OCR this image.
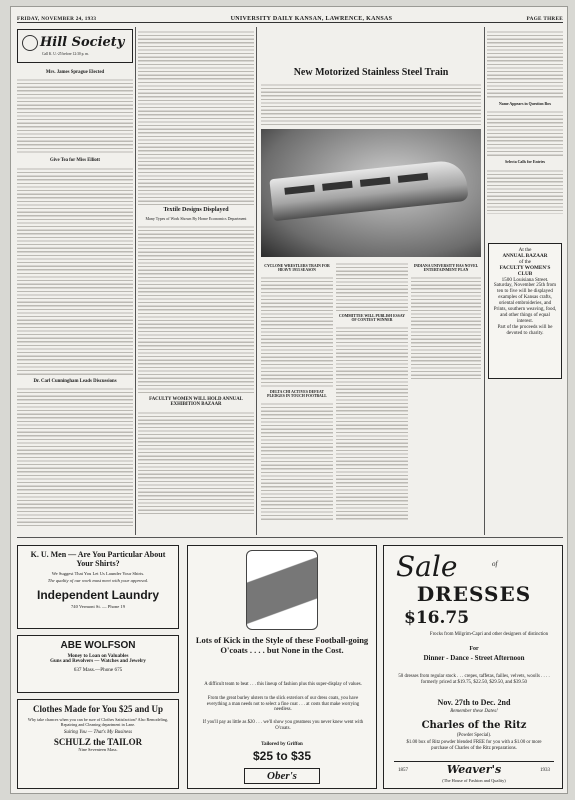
FRIDAY, NOVEMBER 24, 1933	UNIVERSITY DAILY KANSAN, LAWRENCE, KANSAS	PAGE THREE
Hill Society
Call K. U.-25 before 12:30 p. m.
Mrs. James Sprague Elected
Give Tea for Miss Elliott
Dr. Carl Cunningham Leads Discussions
Textile Designs Displayed
Many Types of Work Shown By Home Economics Department
FACULTY WOMEN WILL HOLD ANNUAL EXHIBITION BAZAAR
New Motorized Stainless Steel Train
CYCLONE WRESTLERS TRAIN FOR HEAVY 1933 SEASON
DELTA CHI ACTIVES DEFEAT PLEDGES IN TOUCH FOOTBALL
COMMITTEE WILL PUBLISH ESSAY OF CONTEST WINNER
INDIANA UNIVERSITY HAS NOVEL ENTERTAINMENT PLAN
Name Appears in Question Box
Selecta Calls for Entries
At the
ANNUAL BAZAAR
of the
FACULTY WOMEN'S CLUB
1500 Louisiana Street.
Saturday, November 25th from ten to five will be displayed examples of Kansas crafts, oriental embroideries, and Prints, southern weaving, food, and other things of equal interest.
Part of the proceeds will be devoted to charity.
K. U. Men — Are You Particular About Your Shirts?
We Suggest That You Let Us Launder Your Shirts.
The quality of our work must meet with your approval.
Independent Laundry
740 Vermont St. — Phone 19
ABE WOLFSON
Money to Loan on Valuables
Guns and Revolvers — Watches and Jewelry
637 Mass.—Phone 675
Clothes Made for You $25 and Up
Why take chances when you can be sure of Clothes Satisfaction? Also Remodeling, Repairing and Cleaning department in Lane.
Suiting You — That's My Business
SCHULZ the TAILOR
Nine Seventeen Mass.
Lots of Kick in the Style of these Football-going O'coats . . . . but None in the Cost.
A difficult team to beat . . . this lineup of fashion plus this super-display of values.
From the great burley ulsters to the slick exteriors of our dress coats, you have everything a man needs not to select a fine coat . . . at costs that make worrying needless.
If you'll pay as little as $20 . . . we'll show you greatness you never knew went with O'coats.
Tailored by Griffon
$25 to $35
Ober's
Sale	of
DRESSES
$16.75
Frocks from Milgrim-Capri and other designers of distinction
For
Dinner - Dance - Street Afternoon
50 dresses from regular stock . . . crepes, taffetas, failles, velvets, woolls . . . . formerly priced at $19.75, $22.50, $29.50, and $39.50
Nov. 27th to Dec. 2nd
Remember these Dates!
Charles of the Ritz
(Powder Special).
$1.00 box of Ritz powder blended FREE for you with a $1.00 or more purchase of Charles of the Ritz preparations.
1857	Weaver's	1933
(The House of Fashion and Quality)
